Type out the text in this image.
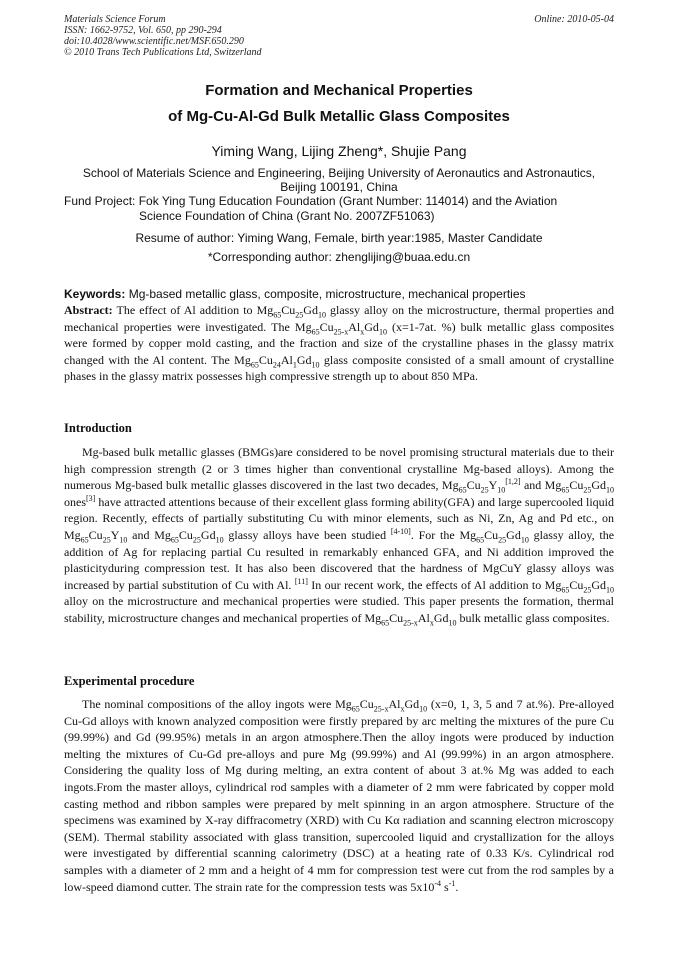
Materials Science Forum
ISSN: 1662-9752, Vol. 650, pp 290-294
doi:10.4028/www.scientific.net/MSF.650.290
© 2010 Trans Tech Publications Ltd, Switzerland
Online: 2010-05-04
Formation and Mechanical Properties
of Mg-Cu-Al-Gd Bulk Metallic Glass Composites
Yiming Wang, Lijing Zheng*, Shujie Pang
School of Materials Science and Engineering, Beijing University of Aeronautics and Astronautics,
Beijing 100191, China
Fund Project: Fok Ying Tung Education Foundation (Grant Number: 114014) and the Aviation
Science Foundation of China (Grant No. 2007ZF51063)
Resume of author: Yiming Wang, Female, birth year:1985, Master Candidate
*Corresponding author: zhenglijing@buaa.edu.cn
Keywords: Mg-based metallic glass, composite, microstructure, mechanical properties

Abstract: The effect of Al addition to $Mg_{65}Cu_{25}Gd_{10}$ glassy alloy on the microstructure, thermal properties and mechanical properties were investigated. The $Mg_{65}Cu_{25-x}Al_xGd_{10}$ (x=1-7at. %) bulk metallic glass composites were formed by copper mold casting, and the fraction and size of the crystalline phases in the glassy matrix changed with the Al content. The $Mg_{65}Cu_{24}Al_1Gd_{10}$ glass composite consisted of a small amount of crystalline phases in the glassy matrix possesses high compressive strength up to about 850 MPa.

Introduction

Mg-based bulk metallic glasses (BMGs)are considered to be novel promising structural materials due to their high compression strength (2 or 3 times higher than conventional crystalline Mg-based alloys). Among the numerous Mg-based bulk metallic glasses discovered in the last two decades, $Mg_{65}Cu_{25}Y_{10}[1,2]$ and $Mg_{65}Cu_{25}Gd_{10}$ ones[3] have attracted attentions because of their excellent glass forming ability(GFA) and large supercooled liquid region. Recently, effects of partially substituting Cu with minor elements, such as Ni, Zn, Ag and Pd etc., on $Mg_{65}Cu_{25}Y_{10}$ and $Mg_{65}Cu_{25}Gd_{10}$ glassy alloys have been studied [4-10]. For the $Mg_{65}Cu_{25}Gd_{10}$ glassy alloy, the addition of Ag for replacing partial Cu resulted in remarkably enhanced GFA, and Ni addition improved the plasticityduring compression test. It has also been discovered that the hardness of MgCuY glassy alloys was increased by partial substitution of Cu with Al. [11] In our recent work, the effects of Al addition to $Mg_{65}Cu_{25}Gd_{10}$ alloy on the microstructure and mechanical properties were studied. This paper presents the formation, thermal stability, microstructure changes and mechanical properties of $Mg_{65}Cu_{25-x}Al_xGd_{10}$ bulk metallic glass composites.

Experimental procedure

The nominal compositions of the alloy ingots were $Mg_{65}Cu_{25-x}Al_xGd_{10}$ (x=0, 1, 3, 5 and 7 at.%). Pre-alloyed Cu-Gd alloys with known analyzed composition were firstly prepared by arc melting the mixtures of the pure Cu (99.99%) and Gd (99.95%) metals in an argon atmosphere.Then the alloy ingots were produced by induction melting the mixtures of Cu-Gd pre-alloys and pure Mg (99.99%) and Al (99.99%) in an argon atmosphere. Considering the quality loss of Mg during melting, an extra content of about 3 at.% Mg was added to each ingots.From the master alloys, cylindrical rod samples with a diameter of 2 mm were fabricated by copper mold casting method and ribbon samples were prepared by melt spinning in an argon atmosphere. Structure of the specimens was examined by X-ray diffracometry (XRD) with Cu Kα radiation and scanning electron microscopy (SEM). Thermal stability associated with glass transition, supercooled liquid and crystallization for the alloys were investigated by differential scanning calorimetry (DSC) at a heating rate of 0.33 K/s. Cylindrical rod samples with a diameter of 2 mm and a height of 4 mm for compression test were cut from the rod samples by a low-speed diamond cutter. The strain rate for the compression tests was $5x10^{-4}$ $s^{-1}$.
